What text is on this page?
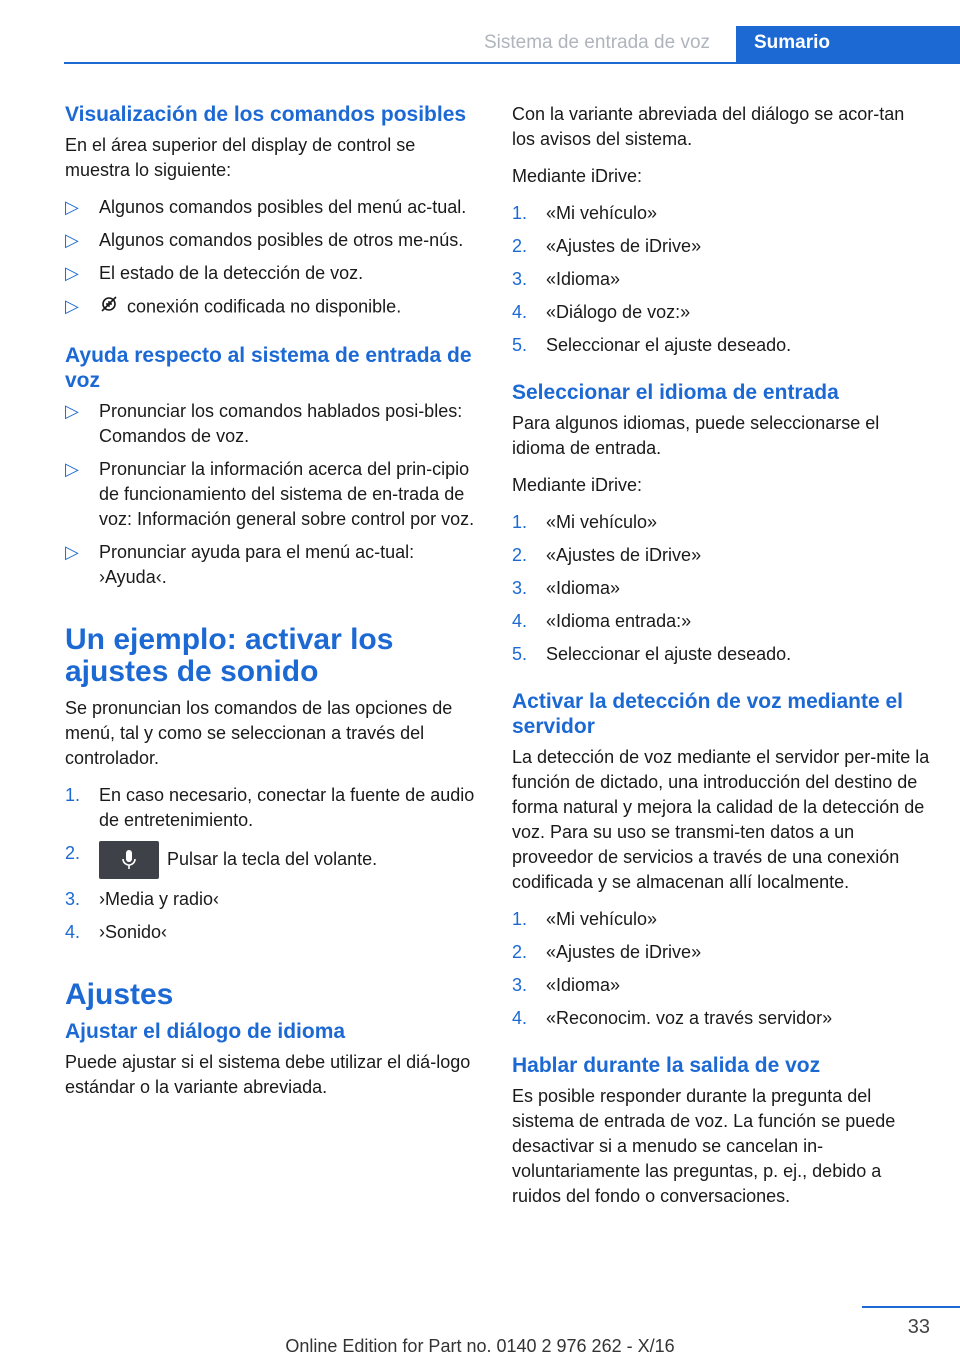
Sistema de entrada de voz	Sumario
Visualización de los comandos posibles

En el área superior del display de control se muestra lo siguiente:

▷ Algunos comandos posibles del menú ac‐tual.
▷ Algunos comandos posibles de otros me‐nús.
▷ El estado de la detección de voz.
▷	conexión codificada no disponible.
Ayuda respecto al sistema de entrada de voz
▷ Pronunciar los comandos hablados posi‐bles: Comandos de voz.
▷ Pronunciar la información acerca del prin‐cipio de funcionamiento del sistema de en‐trada de voz: Información general sobre control por voz.
▷ Pronunciar ayuda para el menú ac‐tual: ›Ayuda‹.
Un ejemplo: activar los ajustes de sonido

Se pronuncian los comandos de las opciones de menú, tal y como se seleccionan a través del controlador.

1. En caso necesario, conectar la fuente de audio de entretenimiento.
2.	Pulsar la tecla del volante.
3. ›Media y radio‹
4. ›Sonido‹
Ajustes
Ajustar el diálogo de idioma

Puede ajustar si el sistema debe utilizar el diá‐logo estándar o la variante abreviada.

Con la variante abreviada del diálogo se acor‐tan los avisos del sistema.

Mediante iDrive:

1. «Mi vehículo»
2. «Ajustes de iDrive»
3. «Idioma»
4. «Diálogo de voz:»
5. Seleccionar el ajuste deseado.
Seleccionar el idioma de entrada

Para algunos idiomas, puede seleccionarse el idioma de entrada.

Mediante iDrive:

1. «Mi vehículo»
2. «Ajustes de iDrive»
3. «Idioma»
4. «Idioma entrada:»
5. Seleccionar el ajuste deseado.
Activar la detección de voz mediante el servidor

La detección de voz mediante el servidor per‐mite la función de dictado, una introducción del destino de forma natural y mejora la calidad de la detección de voz. Para su uso se transmi‐ten datos a un proveedor de servicios a través de una conexión codificada y se almacenan allí localmente.

1. «Mi vehículo»
2. «Ajustes de iDrive»
3. «Idioma»
4. «Reconocim. voz a través servidor»
Hablar durante la salida de voz

Es posible responder durante la pregunta del sistema de entrada de voz. La función se puede desactivar si a menudo se cancelan in‐voluntariamente las preguntas, p. ej., debido a ruidos del fondo o conversaciones.

33
Online Edition for Part no. 0140 2 976 262 - X/16
